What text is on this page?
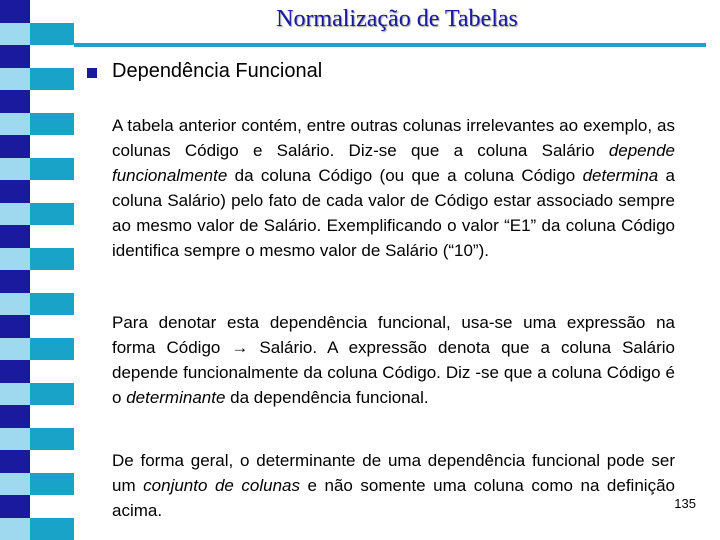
Normalização de Tabelas
Dependência Funcional

A tabela anterior contém, entre outras colunas irrelevantes ao exemplo, as colunas Código e Salário. Diz-se que a coluna Salário depende funcionalmente da coluna Código (ou que a coluna Código determina a coluna Salário) pelo fato de cada valor de Código estar associado sempre ao mesmo valor de Salário. Exemplificando o valor “E1” da coluna Código identifica sempre o mesmo valor de Salário (“10”).

Para denotar esta dependência funcional, usa-se uma expressão na forma Código → Salário. A expressão denota que a coluna Salário depende funcionalmente da coluna Código. Diz -se que a coluna Código é o determinante da dependência funcional.

De forma geral, o determinante de uma dependência funcional pode ser um conjunto de colunas e não somente uma coluna como na definição acima.	135
